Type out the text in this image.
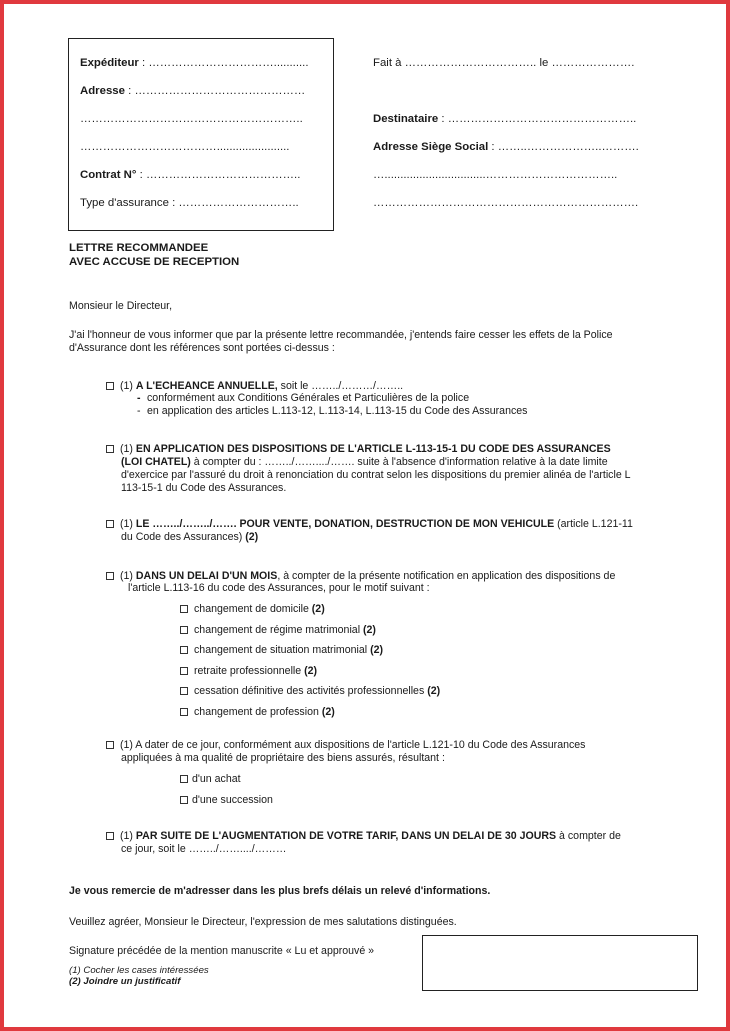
Expéditeur : ……………………………...........
Adresse : ………………………………………
…………………………………………………..
……………………………….......................
Contrat N° : …………………………………..
Type d'assurance : …………………………..
Fait à …………………………….. le ………………….
Destinataire : …………………………………………..
Adresse Siège Social : ……..………………..……….
…................................……………………………..
…………………………………………………………….
LETTRE RECOMMANDEE
AVEC ACCUSE DE RECEPTION
Monsieur le Directeur,
J'ai l'honneur de vous informer que par la présente lettre recommandée, j'entends faire cesser les effets de la Police
d'Assurance dont les références sont portées ci-dessus :
(1) A L'ECHEANCE ANNUELLE, soit le ……../………/……..
- conformément aux Conditions Générales et Particulières de la police
- en application des articles L.113-12, L.113-14, L.113-15 du Code des Assurances
(1) EN APPLICATION DES DISPOSITIONS DE L'ARTICLE L-113-15-1 DU CODE DES ASSURANCES
(LOI CHATEL) à compter du : ……../……..../……. suite à l'absence d'information relative à la date limite
d'exercice par l'assuré du droit à renonciation du contrat selon les dispositions du premier alinéa de l'article L
113-15-1 du Code des Assurances.
(1) LE ……../……../……. POUR VENTE, DONATION, DESTRUCTION DE MON VEHICULE (article L.121-11
du Code des Assurances) (2)
(1) DANS UN DELAI D'UN MOIS, à compter de la présente notification en application des dispositions de
l'article L.113-16 du code des Assurances, pour le motif suivant :
changement de domicile (2)
changement de régime matrimonial (2)
changement de situation matrimonial (2)
retraite professionnelle (2)
cessation définitive des activités professionnelles (2)
changement de profession (2)
(1) A dater de ce jour, conformément aux dispositions de l'article L.121-10 du Code des Assurances
appliquées à ma qualité de propriétaire des biens assurés, résultant :
d'un achat
d'une succession
(1) PAR SUITE DE L'AUGMENTATION DE VOTRE TARIF, DANS UN DELAI DE 30 JOURS à compter de
ce jour, soit le ……../……..../………
Je vous remercie de m'adresser dans les plus brefs délais un relevé d'informations.
Veuillez agréer, Monsieur le Directeur, l'expression de mes salutations distinguées.
Signature précédée de la mention manuscrite « Lu et approuvé »
(1) Cocher les cases intéressées
(2) Joindre un justificatif
